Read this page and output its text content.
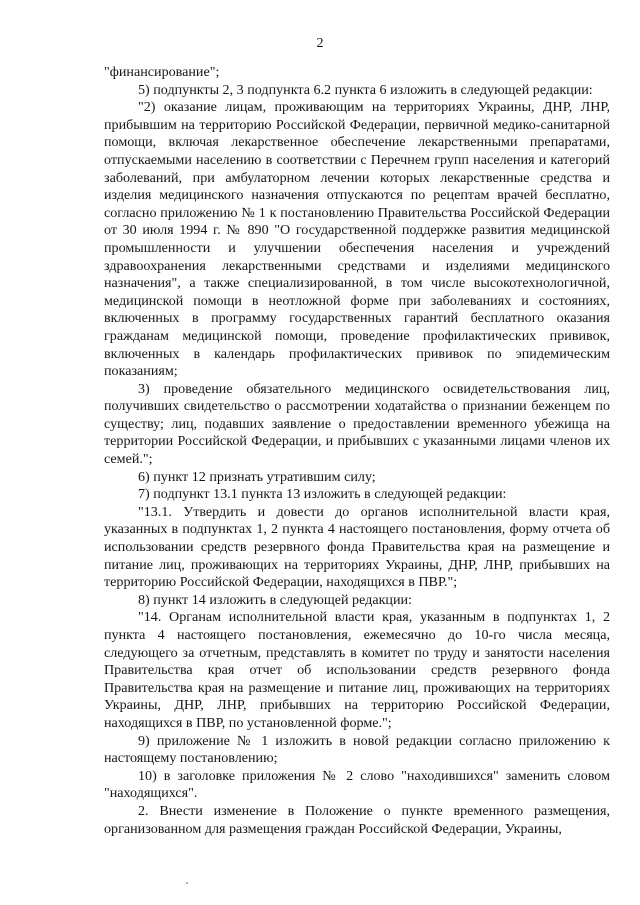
2

"финансирование";

5) подпункты 2, 3 подпункта 6.2 пункта 6 изложить в следующей редакции:

"2) оказание лицам, проживающим на территориях Украины, ДНР, ЛНР, прибывшим на территорию Российской Федерации, первичной медико-санитарной помощи, включая лекарственное обеспечение лекарственными препаратами, отпускаемыми населению в соответствии с Перечнем групп населения и категорий заболеваний, при амбулаторном лечении которых лекарственные средства и изделия медицинского назначения отпускаются по рецептам врачей бесплатно, согласно приложению № 1 к постановлению Правительства Российской Федерации от 30 июля 1994 г. № 890 "О государственной поддержке развития медицинской промышленности и улучшении обеспечения населения и учреждений здравоохранения лекарственными средствами и изделиями медицинского назначения", а также специализированной, в том числе высокотехнологичной, медицинской помощи в неотложной форме при заболеваниях и состояниях, включенных в программу государственных гарантий бесплатного оказания гражданам медицинской помощи, проведение профилактических прививок, включенных в календарь профилактических прививок по эпидемическим показаниям;

3) проведение обязательного медицинского освидетельствования лиц, получивших свидетельство о рассмотрении ходатайства о признании беженцем по существу; лиц, подавших заявление о предоставлении временного убежища на территории Российской Федерации, и прибывших с указанными лицами членов их семей.";

6) пункт 12 признать утратившим силу;

7) подпункт 13.1 пункта 13 изложить в следующей редакции:

"13.1. Утвердить и довести до органов исполнительной власти края, указанных в подпунктах 1, 2 пункта 4 настоящего постановления, форму отчета об использовании средств резервного фонда Правительства края на размещение и питание лиц, проживающих на территориях Украины, ДНР, ЛНР, прибывших на территорию Российской Федерации, находящихся в ПВР.";

8) пункт 14 изложить в следующей редакции:

"14. Органам исполнительной власти края, указанным в подпунктах 1, 2 пункта 4 настоящего постановления, ежемесячно до 10-го числа месяца, следующего за отчетным, представлять в комитет по труду и занятости населения Правительства края отчет об использовании средств резервного фонда Правительства края на размещение и питание лиц, проживающих на территориях Украины, ДНР, ЛНР, прибывших на территорию Российской Федерации, находящихся в ПВР, по установленной форме.";

9) приложение № 1 изложить в новой редакции согласно приложению к настоящему постановлению;

10) в заголовке приложения № 2 слово "находившихся" заменить словом "находящихся".

2. Внести изменение в Положение о пункте временного размещения, организованном для размещения граждан Российской Федерации, Украины,
